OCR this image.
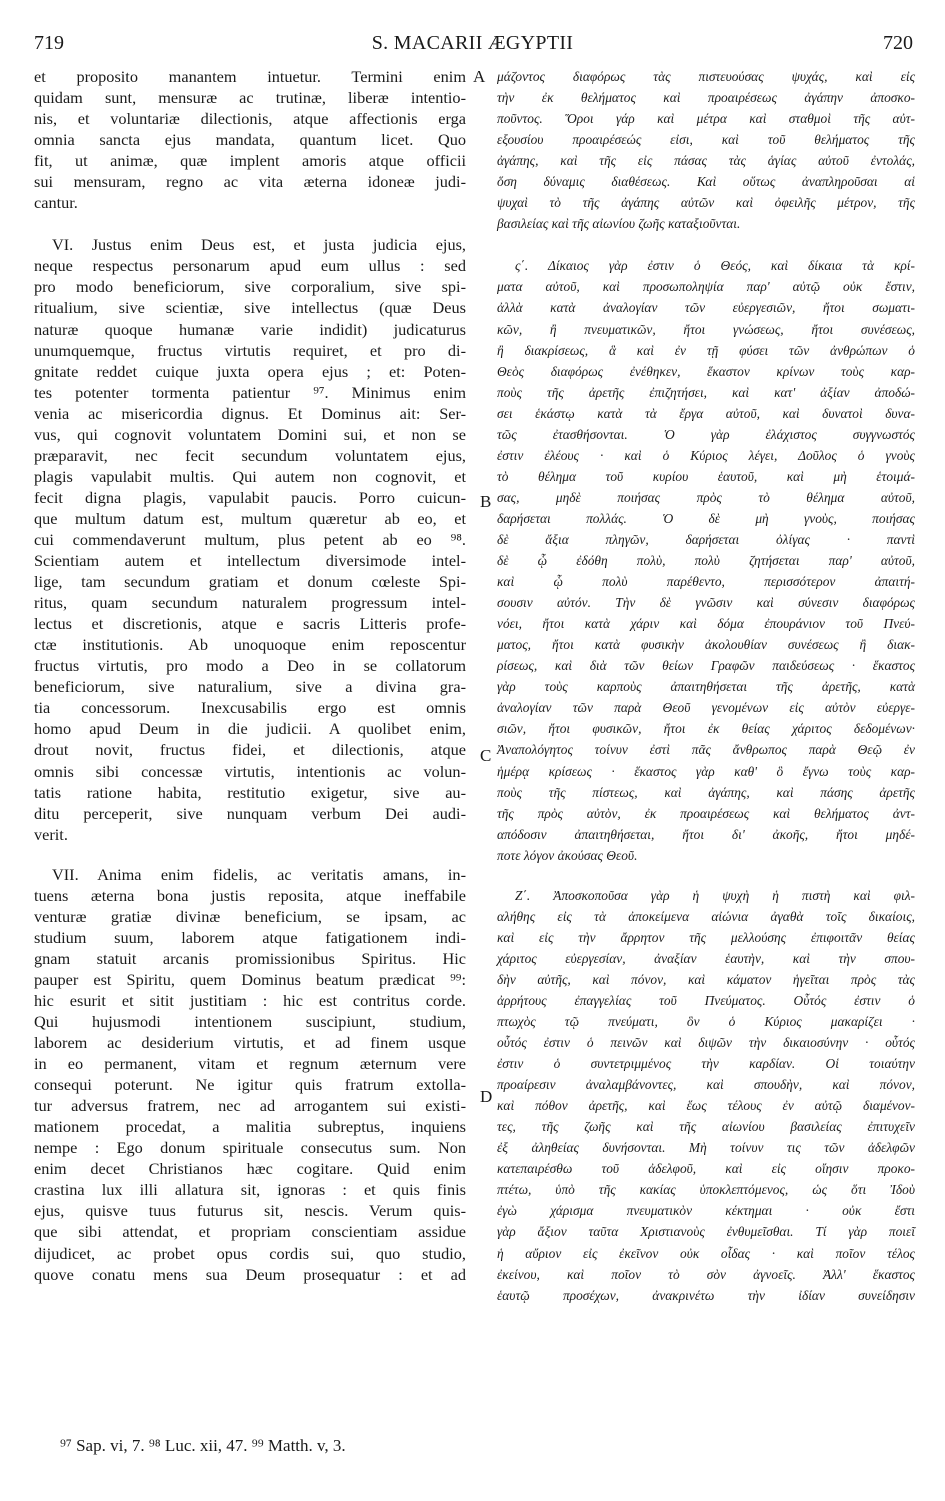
719	S. MACARII ÆGYPTII	720
et proposito manantem intuetur. Termini enim
quidam sunt, mensuræ ac trutinæ, liberæ intentio-
nis, et voluntariæ dilectionis, atque affectionis erga
omnia sancta ejus mandata, quantum licet. Quo
fit, ut animæ, quæ implent amoris atque officii
sui mensuram, regno ac vita æterna idoneæ judi-
cantur.
VI. Justus enim Deus est, et justa judicia ejus,
neque respectus personarum apud eum ullus : sed
pro modo beneficiorum, sive corporalium, sive spi-
ritualium, sive scientiæ, sive intellectus (quæ Deus
naturæ quoque humanæ varie indidit) judicaturus
unumquemque, fructus virtutis requiret, et pro di-
gnitate reddet cuique juxta opera ejus ; et: Poten-
tes potenter tormenta patientur ⁹⁷. Minimus enim
venia ac misericordia dignus. Et Dominus ait: Ser-
vus, qui cognovit voluntatem Domini sui, et non se
præparavit, nec fecit secundum voluntatem ejus,
plagis vapulabit multis. Qui autem non cognovit, et
fecit digna plagis, vapulabit paucis. Porro cuicun-
que multum datum est, multum quæretur ab eo, et
cui commendaverunt multum, plus petent ab eo ⁹⁸.
Scientiam autem et intellectum diversimode intel-
lige, tam secundum gratiam et donum cœleste Spi-
ritus, quam secundum naturalem progressum intel-
lectus et discretionis, atque e sacris Litteris profe-
ctæ institutionis. Ab unoquoque enim reposcentur
fructus virtutis, pro modo a Deo in se collatorum
beneficiorum, sive naturalium, sive a divina gra-
tia concessorum. Inexcusabilis ergo est omnis
homo apud Deum in die judicii. A quolibet enim,
drout novit, fructus fidei, et dilectionis, atque
omnis sibi concessæ virtutis, intentionis ac volun-
tatis ratione habita, restitutio exigetur, sive au-
ditu perceperit, sive nunquam verbum Dei audi-
verit.
VII. Anima enim fidelis, ac veritatis amans, in-
tuens æterna bona justis reposita, atque ineffabile
venturæ gratiæ divinæ beneficium, se ipsam, ac
studium suum, laborem atque fatigationem indi-
gnam statuit arcanis promissionibus Spiritus. Hic
pauper est Spiritu, quem Dominus beatum prædicat ⁹⁹:
hic esurit et sitit justitiam : hic est contritus corde.
Qui hujusmodi intentionem suscipiunt, studium,
laborem ac desiderium virtutis, et ad finem usque
in eo permanent, vitam et regnum æternum vere
consequi poterunt. Ne igitur quis fratrum extolla-
tur adversus fratrem, nec ad arrogantem sui existi-
mationem procedat, a malitia subreptus, inquiens
nempe : Ego donum spirituale consecutus sum. Non
enim decet Christianos hæc cogitare. Quid enim
crastina lux illi allatura sit, ignoras : et quis finis
ejus, quisve tuus futurus sit, nescis. Verum quis-
que sibi attendat, et propriam conscientiam assidue
dijudicet, ac probet opus cordis sui, quo studio,
quove conatu mens sua Deum prosequatur : et ad
μάζοντος διαφόρως τὰς πιστευούσας ψυχάς, καὶ εἰς
τὴν ἐκ θελήματος καὶ προαιρέσεως ἀγάπην ἀποσκο-
ποῦντος. Ὅροι γάρ καὶ μέτρα καὶ σταθμοὶ τῆς αὐτ-
εξουσίου προαιρέσεώς εἰσι, καὶ τοῦ θελήματος τῆς
ἀγάπης, καὶ τῆς εἰς πάσας τὰς ἁγίας αὐτοῦ ἐντολάς,
ὅση δύναμις διαθέσεως. Καὶ οὕτως ἀναπληροῦσαι αἱ
ψυχαὶ τὸ τῆς ἀγάπης αὐτῶν καὶ ὀφειλῆς μέτρον, τῆς
βασιλείας καὶ τῆς αἰωνίου ζωῆς καταξιοῦνται.
ς΄. Δίκαιος γὰρ ἐστιν ὁ Θεός, καὶ δίκαια τὰ κρί-
ματα αὐτοῦ, καὶ προσωποληψία παρ' αὐτῷ οὐκ ἔστιν,
ἀλλὰ κατὰ ἀναλογίαν τῶν εὐεργεσιῶν, ἤτοι σωματι-
κῶν, ἢ πνευματικῶν, ἤτοι γνώσεως, ἤτοι συνέσεως,
ἢ διακρίσεως, ἃ καὶ ἐν τῇ φύσει τῶν ἀνθρώπων ὁ
Θεὸς διαφόρως ἐνέθηκεν, ἕκαστον κρίνων τοὺς καρ-
ποὺς τῆς ἀρετῆς ἐπιζητήσει, καὶ κατ' ἀξίαν ἀποδώ-
σει ἑκάστῳ κατὰ τὰ ἔργα αὐτοῦ, καὶ δυνατοὶ δυνα-
τῶς ἐτασθήσονται. Ὁ γὰρ ἐλάχιστος συγγνωστός
ἐστιν ἐλέους · καὶ ὁ Κύριος λέγει, Δοῦλος ὁ γνοὺς
τὸ θέλημα τοῦ κυρίου ἑαυτοῦ, καὶ μὴ ἑτοιμά-
σας, μηδὲ ποιήσας πρὸς τὸ θέλημα αὐτοῦ,
δαρήσεται πολλάς. Ὁ δὲ μὴ γνοὺς, ποιήσας
δὲ ἄξια πληγῶν, δαρήσεται ὀλίγας · παντὶ
δὲ ᾧ ἐδόθη πολὺ, πολὺ ζητήσεται παρ' αὐτοῦ,
καὶ ᾧ πολὺ παρέθεντο, περισσότερον ἀπαιτή-
σουσιν αὐτόν. Τὴν δὲ γνῶσιν καὶ σύνεσιν διαφόρως
νόει, ἤτοι κατὰ χάριν καὶ δόμα ἐπουράνιον τοῦ Πνεύ-
ματος, ἤτοι κατὰ φυσικὴν ἀκολουθίαν συνέσεως ἢ διακ-
ρίσεως, καὶ διὰ τῶν θείων Γραφῶν παιδεύσεως · ἕκαστος
γὰρ τοὺς καρποὺς ἀπαιτηθήσεται τῆς ἀρετῆς, κατὰ
ἀναλογίαν τῶν παρὰ Θεοῦ γενομένων εἰς αὐτὸν εὐεργε-
σιῶν, ἤτοι φυσικῶν, ἤτοι ἐκ θείας χάριτος δεδομένων·
Ἀναπολόγητος τοίνυν ἐστὶ πᾶς ἄνθρωπος παρὰ Θεῷ ἐν
ἡμέρᾳ κρίσεως · ἕκαστος γὰρ καθ' ὃ ἔγνω τοὺς καρ-
ποὺς τῆς πίστεως, καὶ ἀγάπης, καὶ πάσης ἀρετῆς
τῆς πρὸς αὐτὸν, ἐκ προαιρέσεως καὶ θελήματος ἀντ-
απόδοσιν ἀπαιτηθήσεται, ἤτοι δι' ἀκοῆς, ἤτοι μηδέ-
ποτε λόγον ἀκούσας Θεοῦ.
Ζ΄. Ἀποσκοποῦσα γὰρ ἡ ψυχὴ ἡ πιστὴ καὶ φιλ-
αλήθης εἰς τὰ ἀποκείμενα αἰώνια ἀγαθὰ τοῖς δικαίοις,
καὶ εἰς τὴν ἄρρητον τῆς μελλούσης ἐπιφοιτᾶν θείας
χάριτος εὐεργεσίαν, ἀναξίαν ἑαυτὴν, καὶ τὴν σπου-
δὴν αὐτῆς, καὶ πόνον, καὶ κάματον ἡγεῖται πρὸς τὰς
ἀρρήτους ἐπαγγελίας τοῦ Πνεύματος. Οὗτός ἐστιν ὁ
πτωχὸς τῷ πνεύματι, ὃν ὁ Κύριος μακαρίζει ·
οὗτός ἐστιν ὁ πεινῶν καὶ διψῶν τὴν δικαιοσύνην · οὗτός
ἐστιν ὁ συντετριμμένος τὴν καρδίαν. Οἱ τοιαύτην
προαίρεσιν ἀναλαμβάνοντες, καὶ σπουδὴν, καὶ πόνον,
καὶ πόθον ἀρετῆς, καὶ ἕως τέλους ἐν αὐτῷ διαμένον-
τες, τῆς ζωῆς καὶ τῆς αἰωνίου βασιλείας ἐπιτυχεῖν
ἐξ ἀληθείας δυνήσονται. Μὴ τοίνυν τις τῶν ἀδελφῶν
κατεπαιρέσθω τοῦ ἀδελφοῦ, καὶ εἰς οἴησιν προκο-
πτέτω, ὑπὸ τῆς κακίας ὑποκλεπτόμενος, ὡς ὅτι Ἰδοὺ
ἐγὼ χάρισμα πνευματικὸν κέκτημαι · οὐκ ἔστι
γὰρ ἄξιον ταῦτα Χριστιανοὺς ἐνθυμεῖσθαι. Τί γὰρ ποιεῖ
ἡ αὔριον εἰς ἐκεῖνον οὐκ οἶδας · καὶ ποῖον τέλος
ἐκείνου, καὶ ποῖον τὸ σὸν ἀγνοεῖς. Ἀλλ' ἕκαστος
ἑαυτῷ προσέχων, ἀνακρινέτω τὴν ἰδίαν συνείδησιν
A
B
C
D
⁹⁷ Sap. vi, 7. ⁹⁸ Luc. xii, 47. ⁹⁹ Matth. v, 3.
